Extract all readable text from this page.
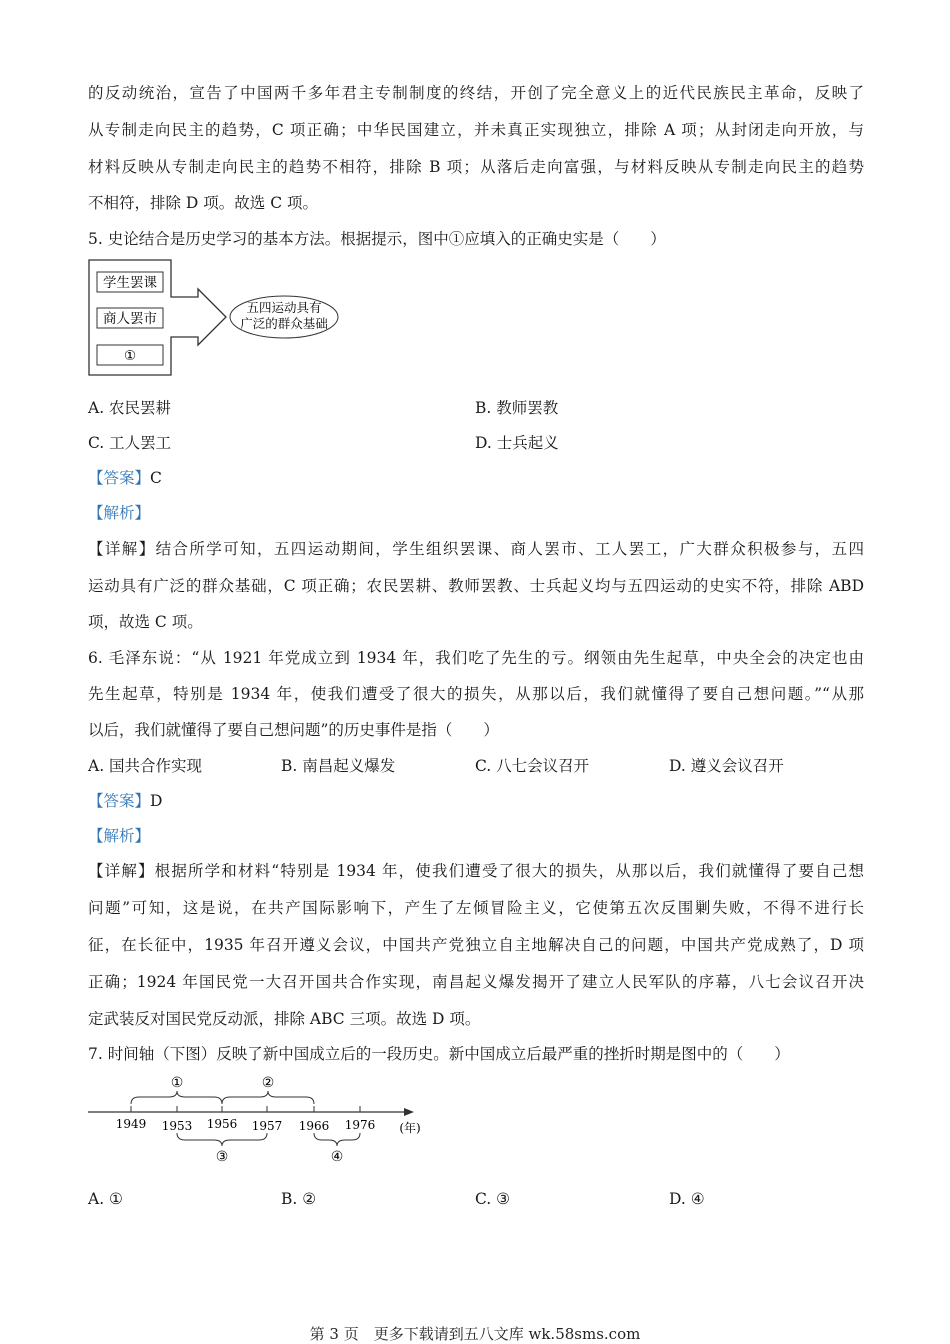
的反动统治，宣告了中国两千多年君主专制制度的终结，开创了完全意义上的近代民族民主革命，反映了
从专制走向民主的趋势，C 项正确；中华民国建立，并未真正实现独立，排除 A 项；从封闭走向开放，与
材料反映从专制走向民主的趋势不相符，排除 B 项；从落后走向富强，与材料反映从专制走向民主的趋势
不相符，排除 D 项。故选 C 项。
5. 史论结合是历史学习的基本方法。根据提示，图中①应填入的正确史实是（　　）
学生罢课
商人罢市
①
五四运动具有
广泛的群众基础
A. 农民罢耕	B. 教师罢教
C. 工人罢工	D. 士兵起义
【答案】C
【解析】
【详解】结合所学可知，五四运动期间，学生组织罢课、商人罢市、工人罢工，广大群众积极参与，五四
运动具有广泛的群众基础，C 项正确；农民罢耕、教师罢教、士兵起义均与五四运动的史实不符，排除 ABD
项，故选 C 项。
6. 毛泽东说：“从 1921 年党成立到 1934 年，我们吃了先生的亏。纲领由先生起草，中央全会的决定也由
先生起草，特别是 1934 年，使我们遭受了很大的损失，从那以后，我们就懂得了要自己想问题。”“从那
以后，我们就懂得了要自己想问题”的历史事件是指（　　）
A. 国共合作实现	B. 南昌起义爆发	C. 八七会议召开	D. 遵义会议召开
【答案】D
【解析】
【详解】根据所学和材料“特别是 1934 年，使我们遭受了很大的损失，从那以后，我们就懂得了要自己想
问题”可知，这是说，在共产国际影响下，产生了左倾冒险主义，它使第五次反围剿失败，不得不进行长
征，在长征中，1935 年召开遵义会议，中国共产党独立自主地解决自己的问题，中国共产党成熟了，D 项
正确；1924 年国民党一大召开国共合作实现，南昌起义爆发揭开了建立人民军队的序幕，八七会议召开决
定武装反对国民党反动派，排除 ABC 三项。故选 D 项。
7. 时间轴（下图）反映了新中国成立后的一段历史。新中国成立后最严重的挫折时期是图中的（　　）
1949 1953 1956 1957 1966 1976 (年)
①	②
③	④
A. ①	B. ②	C. ③	D. ④
第 3 页　更多下载请到五八文库 wk.58sms.com
